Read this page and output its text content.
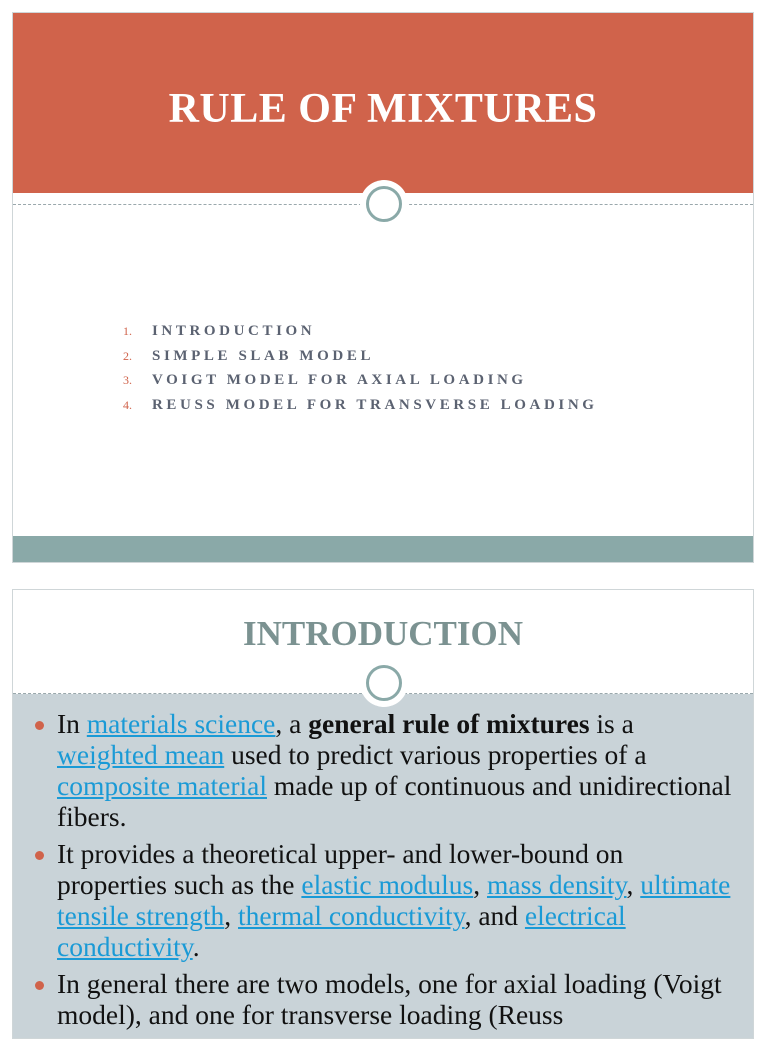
RULE OF MIXTURES
1. INTRODUCTION
2. SIMPLE SLAB MODEL
3. VOIGT MODEL FOR AXIAL LOADING
4. REUSS MODEL FOR TRANSVERSE LOADING
INTRODUCTION
In materials science, a general rule of mixtures is a weighted mean used to predict various properties of a composite material made up of continuous and unidirectional fibers.
It provides a theoretical upper- and lower-bound on properties such as the elastic modulus, mass density, ultimate tensile strength, thermal conductivity, and electrical conductivity.
In general there are two models, one for axial loading (Voigt model), and one for transverse loading (Reuss
